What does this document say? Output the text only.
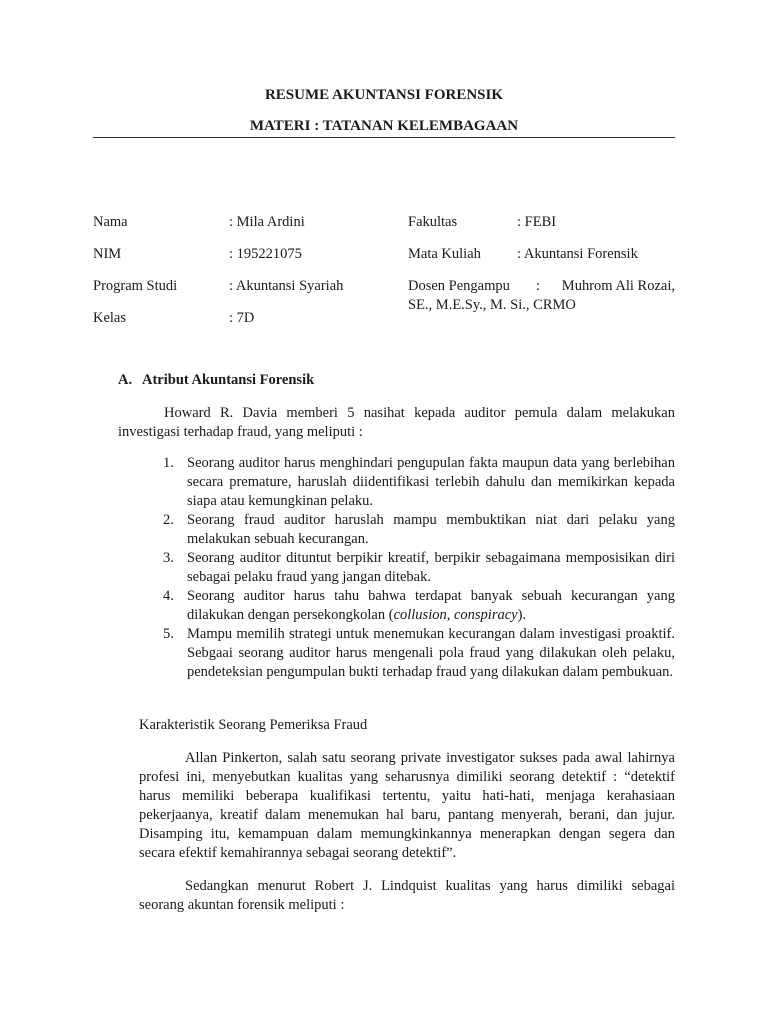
RESUME AKUNTANSI FORENSIK
MATERI : TATANAN KELEMBAGAAN
Nama	: Mila Ardini
NIM	: 195221075
Program Studi	: Akuntansi Syariah
Kelas	: 7D
Fakultas	: FEBI
Mata Kuliah : Akuntansi Forensik
Dosen Pengampu	:      Muhrom Ali Rozai,
SE., M.E.Sy., M. Si., CRMO
A. Atribut Akuntansi Forensik
Howard R. Davia memberi 5 nasihat kepada auditor pemula dalam melakukan investigasi terhadap fraud, yang meliputi :
1. Seorang auditor harus menghindari pengupulan fakta maupun data yang berlebihan secara premature, haruslah diidentifikasi terlebih dahulu dan memikirkan kepada siapa atau kemungkinan pelaku.
2. Seorang fraud auditor haruslah mampu membuktikan niat dari pelaku yang melakukan sebuah kecurangan.
3. Seorang auditor dituntut berpikir kreatif, berpikir sebagaimana memposisikan diri sebagai pelaku fraud yang jangan ditebak.
4. Seorang auditor harus tahu bahwa terdapat banyak sebuah kecurangan yang dilakukan dengan persekongkolan (collusion, conspiracy).
5. Mampu memilih strategi untuk menemukan kecurangan dalam investigasi proaktif. Sebgaai seorang auditor harus mengenali pola fraud yang dilakukan oleh pelaku, pendeteksian pengumpulan bukti terhadap fraud yang dilakukan dalam pembukuan.
Karakteristik Seorang Pemeriksa Fraud
Allan Pinkerton, salah satu seorang private investigator sukses pada awal lahirnya profesi ini, menyebutkan kualitas yang seharusnya dimiliki seorang detektif : “detektif harus memiliki beberapa kualifikasi tertentu, yaitu hati-hati, menjaga kerahasiaan pekerjaanya, kreatif dalam menemukan hal baru, pantang menyerah, berani, dan jujur. Disamping itu, kemampuan dalam memungkinkannya menerapkan dengan segera dan secara efektif kemahirannya sebagai seorang detektif”.
Sedangkan menurut Robert J. Lindquist kualitas yang harus dimiliki sebagai seorang akuntan forensik meliputi :
